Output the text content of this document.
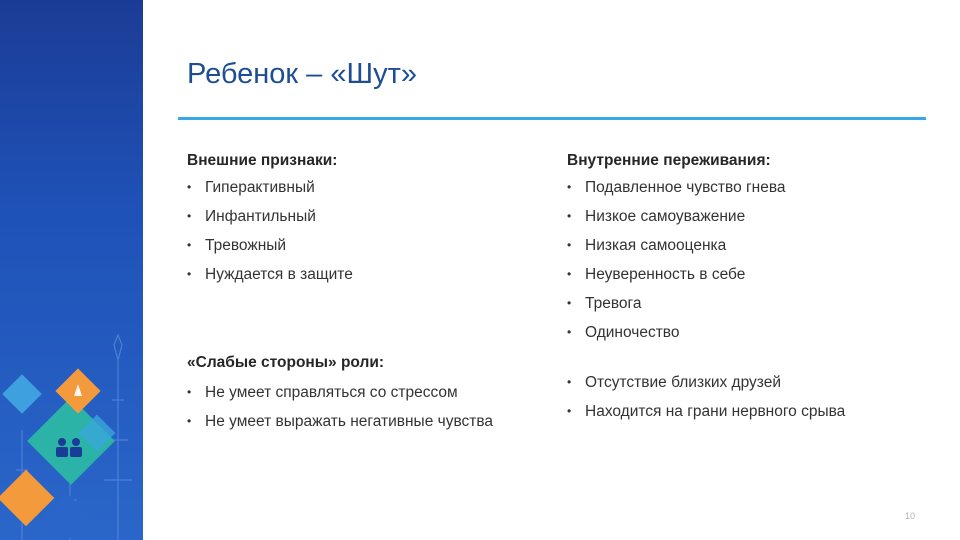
Ребенок – «Шут»

Внешние признаки:

• Гиперактивный
• Инфантильный
• Тревожный
• Нуждается в защите

«Слабые стороны» роли:

• Не умеет справляться со стрессом
• Не умеет выражать негативные чувства

Внутренние переживания:

• Подавленное чувство гнева
• Низкое самоуважение
• Низкая самооценка
• Неуверенность в себе
• Тревога
• Одиночество
• Отсутствие близких друзей
• Находится на грани нервного срыва
10
